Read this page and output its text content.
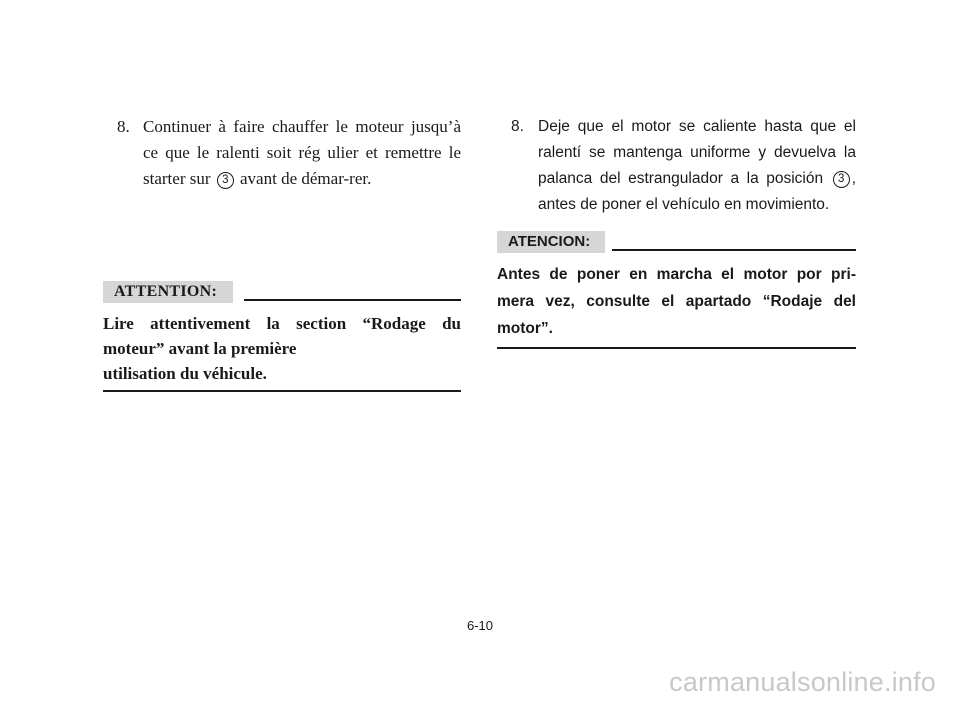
8. Continuer à faire chauffer le moteur jusqu’à ce que le ralenti soit rég ulier et remettre le starter sur 3 avant de démar-rer.
ATTENTION:
Lire attentivement la section “Rodage du
moteur” avant la première
utilisation du véhicule.
8. Deje que el motor se caliente hasta que el ralentí se mantenga uniforme y devuelva la palanca del estrangulador a la posición 3 , antes de poner el vehículo en movimiento.
ATENCION:
Antes de poner en marcha el motor por pri-
mera vez, consulte el apartado “Rodaje del
motor”.
6-10
carmanualsonline.info
